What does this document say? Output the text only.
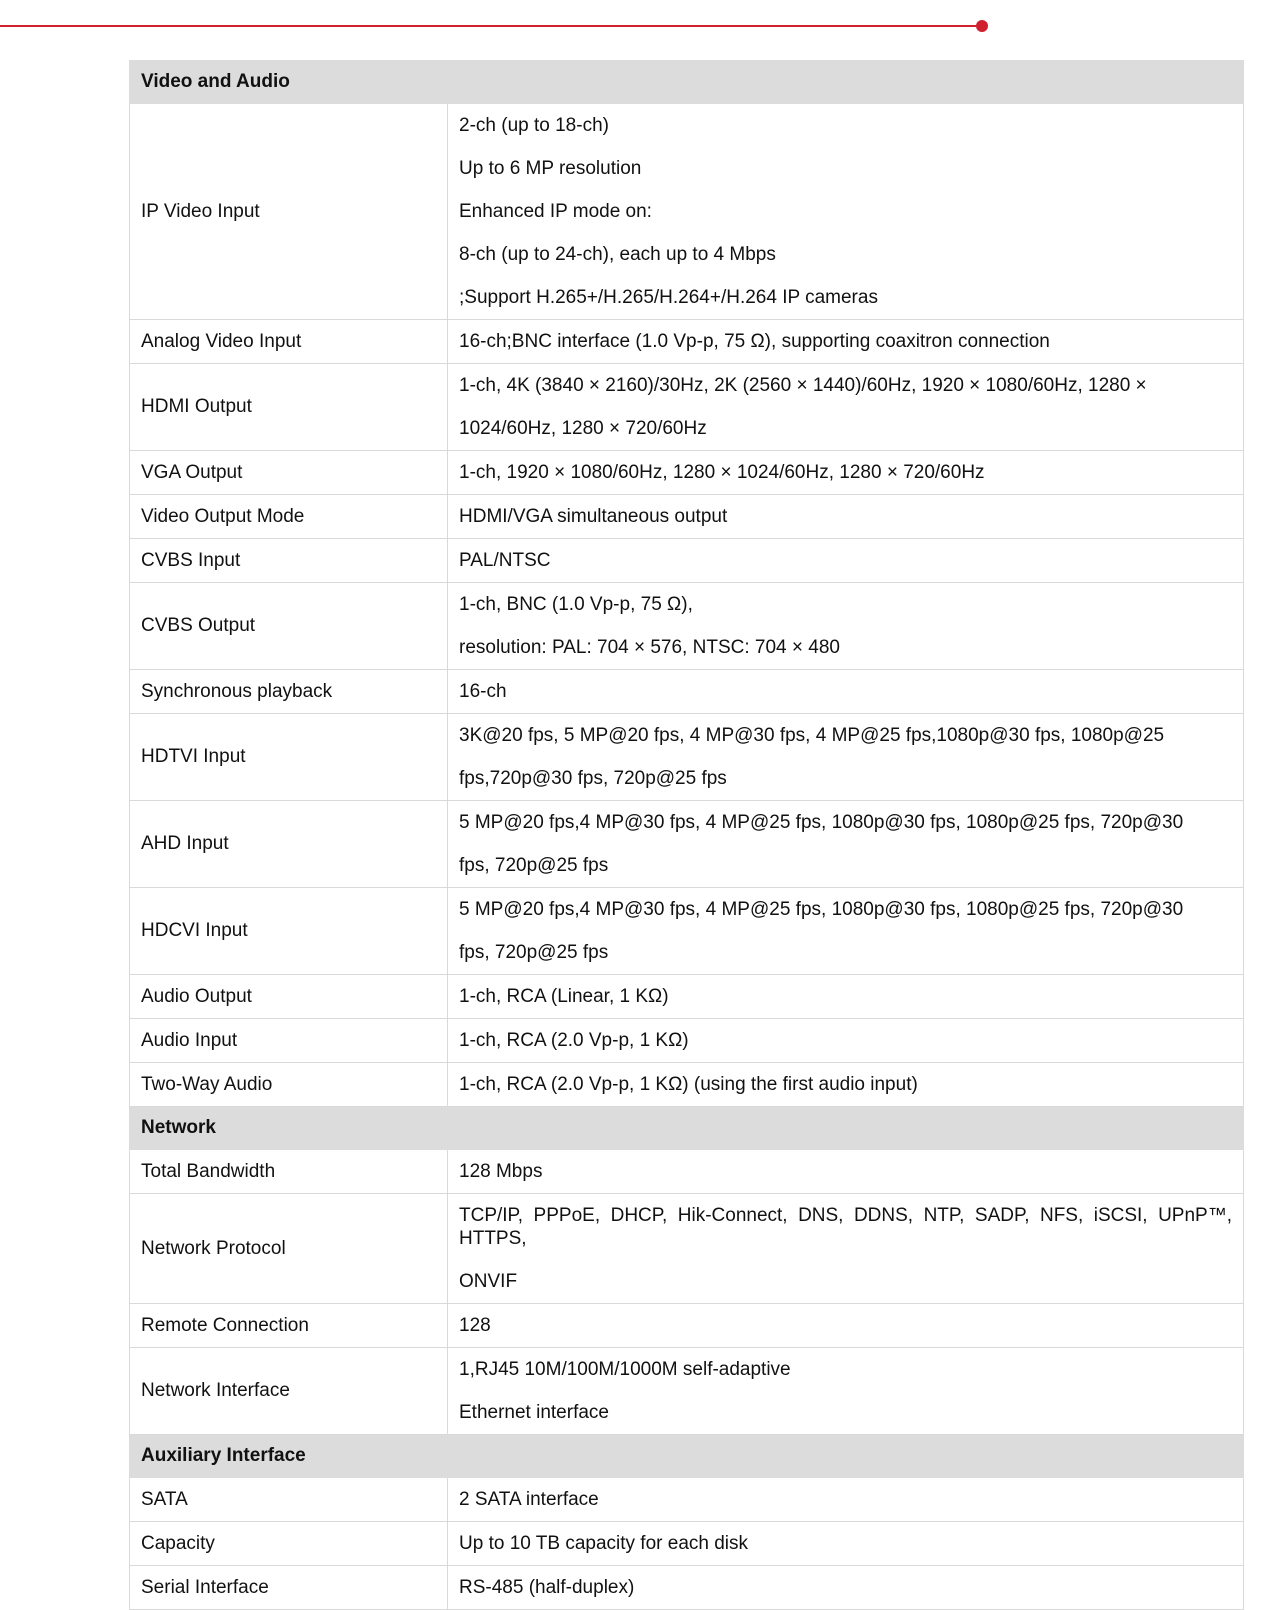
Video and Audio	
IP Video Input	2-ch (up to 18-ch)
Up to 6 MP resolution
Enhanced IP mode on:
8-ch (up to 24-ch), each up to 4 Mbps
;Support H.265+/H.265/H.264+/H.264 IP cameras

Analog Video Input	16-ch;BNC interface (1.0 Vp-p, 75 Ω), supporting coaxitron connection

HDMI Output	1-ch, 4K (3840 × 2160)/30Hz, 2K (2560 × 1440)/60Hz, 1920 × 1080/60Hz, 1280 ×
1024/60Hz, 1280 × 720/60Hz

VGA Output	1-ch, 1920 × 1080/60Hz, 1280 × 1024/60Hz, 1280 × 720/60Hz

Video Output Mode	HDMI/VGA simultaneous output

CVBS Input	PAL/NTSC

CVBS Output	1-ch, BNC (1.0 Vp-p, 75 Ω),
resolution: PAL: 704 × 576, NTSC: 704 × 480

Synchronous playback	16-ch

HDTVI Input	3K@20 fps, 5 MP@20 fps, 4 MP@30 fps, 4 MP@25 fps,1080p@30 fps, 1080p@25
fps,720p@30 fps, 720p@25 fps

AHD Input	5 MP@20 fps,4 MP@30 fps, 4 MP@25 fps, 1080p@30 fps, 1080p@25 fps, 720p@30
fps, 720p@25 fps

HDCVI Input	5 MP@20 fps,4 MP@30 fps, 4 MP@25 fps, 1080p@30 fps, 1080p@25 fps, 720p@30
fps, 720p@25 fps

Audio Output	1-ch, RCA (Linear, 1 KΩ)

Audio Input	1-ch, RCA (2.0 Vp-p, 1 KΩ)

Two-Way Audio	1-ch, RCA (2.0 Vp-p, 1 KΩ) (using the first audio input)

Network	
Total Bandwidth	128 Mbps

Network Protocol	TCP/IP, PPPoE, DHCP, Hik-Connect, DNS, DDNS, NTP, SADP, NFS, iSCSI, UPnP™, HTTPS,
ONVIF

Remote Connection	128

Network Interface	1,RJ45 10M/100M/1000M self-adaptive
Ethernet interface

Auxiliary Interface	
SATA	2 SATA interface

Capacity	Up to 10 TB capacity for each disk

Serial Interface	RS-485 (half-duplex)
